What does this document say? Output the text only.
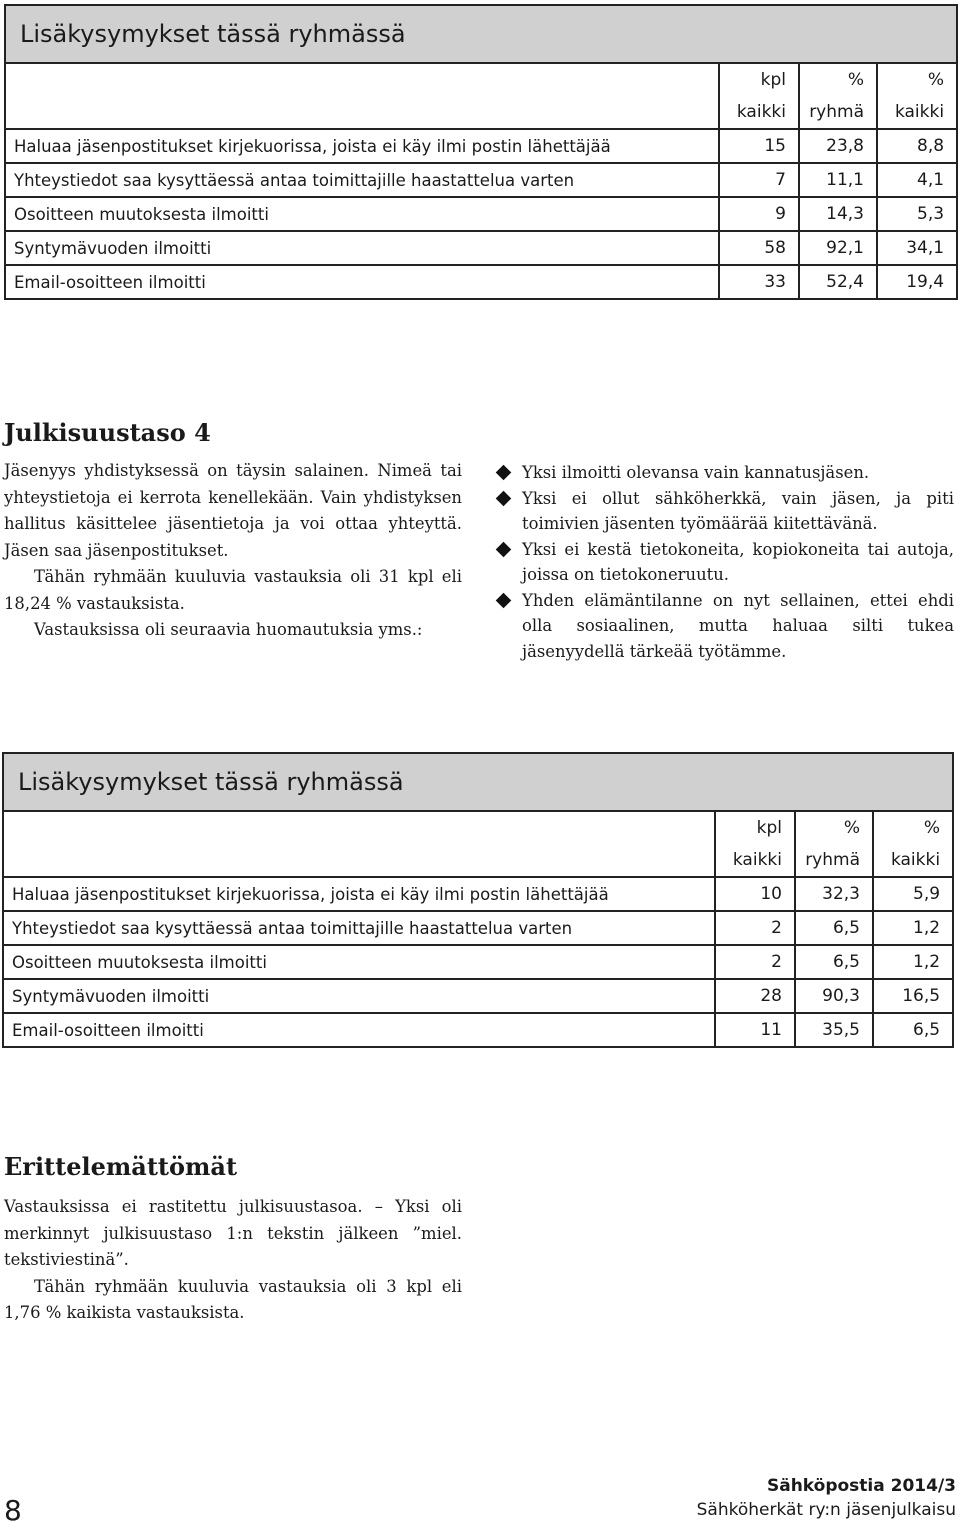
Lisäkysymykset tässä ryhmässä			
	kpl	%	%
	kaikki	ryhmä	kaikki
Haluaa jäsenpostitukset kirjekuorissa, joista ei käy ilmi postin lähettäjää	15	23,8	8,8
Yhteystiedot saa kysyttäessä antaa toimittajille haastattelua varten	7	11,1	4,1
Osoitteen muutoksesta ilmoitti	9	14,3	5,3
Syntymävuoden ilmoitti	58	92,1	34,1
Email-osoitteen ilmoitti	33	52,4	19,4
Julkisuustaso 4

Jäsenyys yhdistyksessä on täysin salainen. Nimeä tai yhteystietoja ei kerrota kenellekään. Vain yhdistyksen hallitus käsittelee jäsentietoja ja voi ottaa yhteyttä. Jäsen saa jäsenpostitukset.

Tähän ryhmään kuuluvia vastauksia oli 31 kpl eli 18,24 % vastauksista.

Vastauksissa oli seuraavia huomautuksia yms.:

Yksi ilmoitti olevansa vain kannatusjäsen.
Yksi ei ollut sähköherkkä, vain jäsen, ja piti toimivien jäsenten työmäärää kiitettävänä.
Yksi ei kestä tietokoneita, kopiokoneita tai autoja, joissa on tietokoneruutu.
Yhden elämäntilanne on nyt sellainen, ettei ehdi olla sosiaalinen, mutta haluaa silti tukea jäsenyydellä tärkeää työtämme.
Lisäkysymykset tässä ryhmässä			
	kpl	%	%
	kaikki	ryhmä	kaikki
Haluaa jäsenpostitukset kirjekuorissa, joista ei käy ilmi postin lähettäjää	10	32,3	5,9
Yhteystiedot saa kysyttäessä antaa toimittajille haastattelua varten	2	6,5	1,2
Osoitteen muutoksesta ilmoitti	2	6,5	1,2
Syntymävuoden ilmoitti	28	90,3	16,5
Email-osoitteen ilmoitti	11	35,5	6,5
Erittelemättömät

Vastauksissa ei rastitettu julkisuustasoa. – Yksi oli merkinnyt julkisuustaso 1:n tekstin jälkeen ”miel. tekstiviestinä”.

Tähän ryhmään kuuluvia vastauksia oli 3 kpl eli 1,76 % kaikista vastauksista.

8
Sähköpostia 2014/3
Sähköherkät ry:n jäsenjulkaisu
